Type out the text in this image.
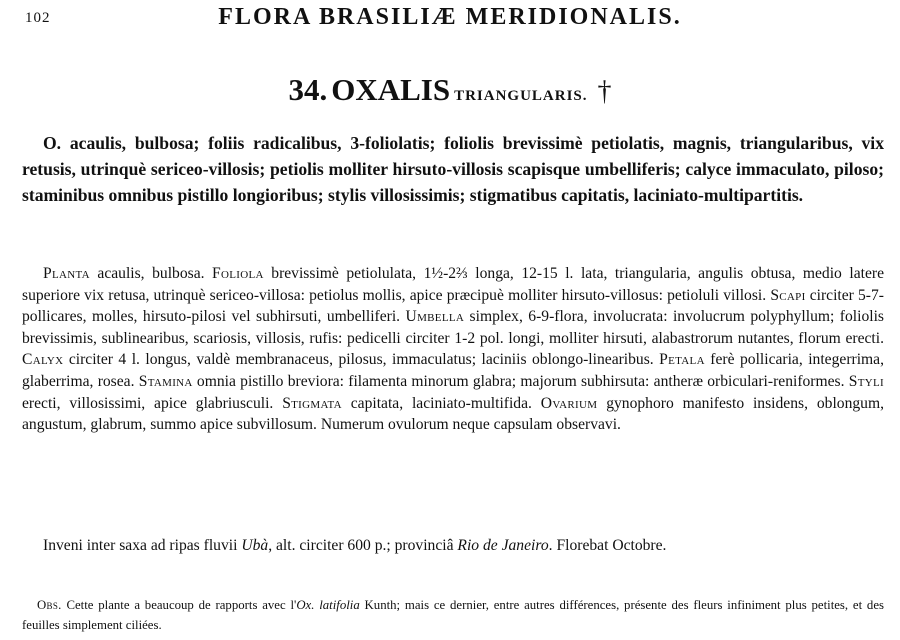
102	FLORA BRASILIÆ MERIDIONALIS.
34. OXALIS TRIANGULARIS. †
O. acaulis, bulbosa; foliis radicalibus, 3-foliolatis; foliolis brevissimè petiolatis, magnis, triangularibus, vix retusis, utrinquè sericeo-villosis; petiolis molliter hirsuto-villosis scapisque umbelliferis; calyce immaculato, piloso; staminibus omnibus pistillo longioribus; stylis villosissimis; stigmatibus capitatis, laciniato-multipartitis.
Planta acaulis, bulbosa. Foliola brevissimè petiolulata, 1½-2⅔ longa, 12-15 l. lata, triangularia, angulis obtusa, medio latere superiore vix retusa, utrinquè sericeo-villosa: petiolus mollis, apice præcipuè molliter hirsuto-villosus: petioluli villosi. Scapi circiter 5-7-pollicares, molles, hirsuto-pilosi vel subhirsuti, umbelliferi. Umbella simplex, 6-9-flora, involucrata: involucrum polyphyllum; foliolis brevissimis, sublinearibus, scariosis, villosis, rufis: pedicelli circiter 1-2 pol. longi, molliter hirsuti, alabastrorum nutantes, florum erecti. Calyx circiter 4 l. longus, valdè membranaceus, pilosus, immaculatus; laciniis oblongo-linearibus. Petala ferè pollicaria, integerrima, glaberrima, rosea. Stamina omnia pistillo breviora: filamenta minorum glabra; majorum subhirsuta: antheræ orbiculari-reniformes. Styli erecti, villosissimi, apice glabriusculi. Stigmata capitata, laciniato-multifida. Ovarium gynophoro manifesto insidens, oblongum, angustum, glabrum, summo apice subvillosum. Numerum ovulorum neque capsulam observavi.
Inveni inter saxa ad ripas fluvii Ubà, alt. circiter 600 p.; provinciâ Rio de Janeiro. Florebat Octobre.
Obs. Cette plante a beaucoup de rapports avec l'Ox. latifolia Kunth; mais ce dernier, entre autres différences, présente des fleurs infiniment plus petites, et des feuilles simplement ciliées.
